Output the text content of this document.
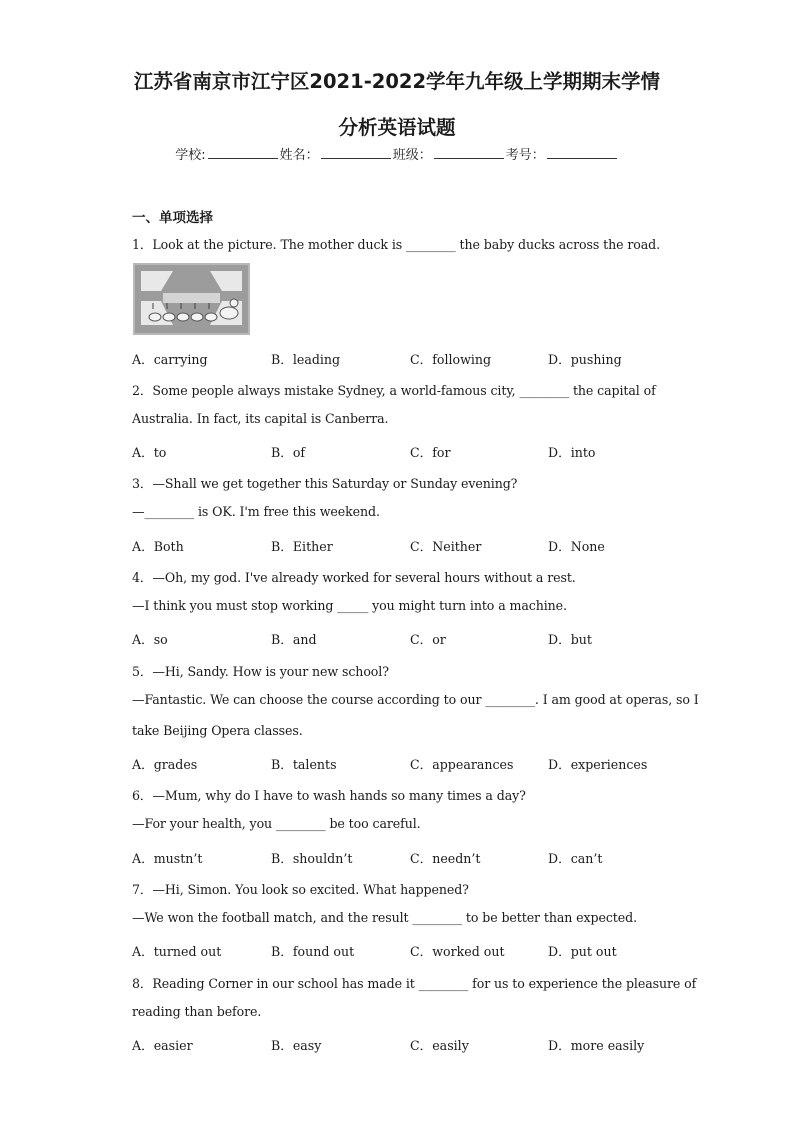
江苏省南京市江宁区2021-2022学年九年级上学期期末学情
分析英语试题
学校:	姓名：	班级：	考号：
一、单项选择
1．Look at the picture. The mother duck is ________ the baby ducks across the road.
A．carrying	B．leading	C．following	D．pushing
2．Some people always mistake Sydney, a world-famous city, ________ the capital of
Australia. In fact, its capital is Canberra.
A．to	B．of	C．for	D．into
3．—Shall we get together this Saturday or Sunday evening?
—________ is OK. I'm free this weekend.
A．Both	B．Either	C．Neither	D．None
4．—Oh, my god. I've already worked for several hours without a rest.
—I think you must stop working _____ you might turn into a machine.
A．so	B．and	C．or	D．but
5．—Hi, Sandy. How is your new school?
—Fantastic. We can choose the course according to our ________. I am good at operas, so I
take Beijing Opera classes.
A．grades	B．talents	C．appearances	D．experiences
6．—Mum, why do I have to wash hands so many times a day?
—For your health, you ________ be too careful.
A．mustn’t	B．shouldn’t	C．needn’t	D．can’t
7．—Hi, Simon. You look so excited. What happened?
—We won the football match, and the result ________ to be better than expected.
A．turned out	B．found out	C．worked out	D．put out
8．Reading Corner in our school has made it ________ for us to experience the pleasure of
reading than before.
A．easier	B．easy	C．easily	D．more easily
